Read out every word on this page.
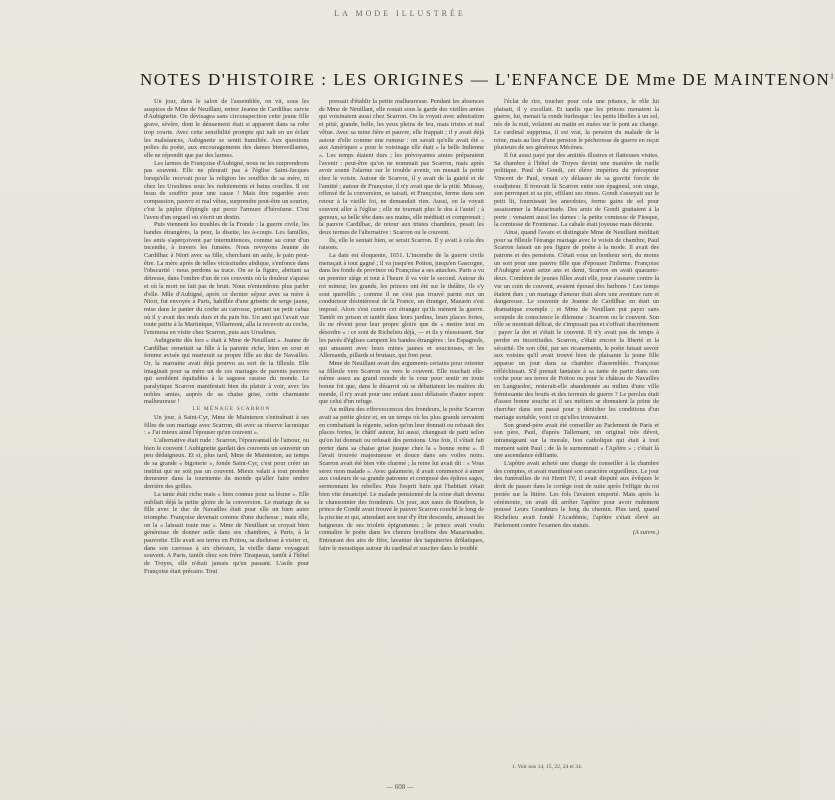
LA MODE ILLUSTRÉE
NOTES D'HISTOIRE : LES ORIGINES — L'ENFANCE DE Mme DE MAINTENON$^1$

Un jour, dans le salon de l'assemblée, on vit, sous les auspices de Mme de Neuillant, entrer Jeanne de Cardilhac suivie d'Aubignette. On dévisagea sans circonspection cette jeune fille grave, sévère, dont le dénuement était si apparent dans sa robe trop courte. Avec cette sensibilité prompte qui naît en un éclair les malséances, Aubignette se sentit humiliée. Aux questions polies du poète, aux encouragements des dames bienveillantes, elle ne répondit que par des larmes.

Les larmes de Françoise d'Aubigné, nous ne les surprendrons pas souvent. Elle ne pleurait pas à l'église Saint-Jacques lorsqu'elle recevait pour la religion les souffles de sa mère, ni chez les Ursulines sous les rudoiements et bains cruelles. Il est beau de souffrir pour une cause ! Mais être regardée avec compassion, pauvre et mal vêtue, surprendre peut-être un sourire, c'est la piqûre d'épingle qui perce l'armure d'héroïsme. C'est l'aveu d'un orgueil où s'écrit un destin.

Puis viennent les troubles de la Fronde : la guerre civile, les bandes étrangères, la peur, la disette, les à-coups. Les familles, les amis s'aperçoivent par intermittences, comme au cœur d'un incendie, à travers les fumées. Nous revoyons Jeanne de Cardilhac à Niort avec sa fille, cherchant un asile, le pain peut-être. La mère après de telles vicissitudes abdique, s'enfonce dans l'obscurité : nous perdons sa trace. On se la figure, abritant sa détresse, dans l'ombre d'un de ces couvents où la douleur s'apaise et où la mort ne fait pas de bruit. Nous n'entendrons plus parler d'elle. Mlle d'Aubigné, après ce dernier séjour avec sa mère à Niort, fut envoyée à Paris, habillée d'une grisette de serge jaune, mise dans le panier du coche au carrosse, portant un petit cabas où il y avait des œufs durs et du pain bis. Un ami qui l'avait vue toute petite à la Martinique, Villarmont, alla la recevoir au coche, l'emmena en visite chez Scarron, puis aux Ursulines.

Aubignette dès lors « était à Mme de Neuillant ». Jeanne de Cardilhac remettait sa fille à la parente riche, bien en cour et femme avisée qui marierait sa propre fille au duc de Navailles. Or, la marraine avait déjà pourvu au sort de la filleule. Elle imaginait pour sa mère un de ces mariages de parents pauvres qui semblent équitables à la sagesse rassise du monde. Le paralytique Scarron manifestait bien du plaisir à voir, avec les nobles amies, auprès de sa chaise grise, cette charmante malheureuse !

LE MÉNAGE SCARRON

Un jour, à Saint-Cyr, Mme de Maintenon s'entraînait à ses filles de son mariage avec Scarron, dit avec sa réserve laconique : « J'ai mieux aimé l'épouser qu'un couvent ».

L'alternative était rude : Scarron, l'épouvantail de l'amour, ou bien le couvent ! Aubignette gardait des couvents un souvenir un peu dédaigneux. Et si, plus tard, Mme de Maintenon, au temps de sa grande « bigoterie », fonde Saint-Cyr, c'est pour créer un institut qui ne soit pas un couvent. Mieux valait à tout prendre demeurer dans la tourmente du monde qu'aller faire ombre derrière des grilles.

La tante était riche mais « bien connue pour sa lésine ». Elle oubliait déjà la petite gloire de la conversion. Le mariage de sa fille avec le duc de Navailles était pour elle un bien autre triomphe. Françoise devenait comme d'une duchesse ; mais elle, on la « laissait toute nue ». Mme de Neuillant se croyait bien généreuse de donner asile dans ses chambres, à Paris, à la pauvrette. Elle avait ses terres en Poitou, sa duchesse à visiter et, dans son carrosse à six chevaux, la vieille dame voyageait souvent. A Paris, tantôt chez son frère Tiraqueau, tantôt à l'hôtel de Troyes, elle n'était jamais qu'en passant. L'asile pour Françoise était précaire. Tout

pressait d'établir la petite malheureuse. Pendant les absences de Mme de Neuillant, elle restait sous la garde des vieilles amies qui voisinaient aussi chez Scarron. On la voyait avec admiration et pitié, grande, belle, les yeux pleins de feu, mais tristes et mal vêtue. Avec sa mine fière et pauvre, elle frappait ; il y avait déjà autour d'elle comme une rumeur : on savait qu'elle avait été « aux Amériques » pour le voisinage elle était « la belle Indienne ». Les temps étaient durs ; les prévoyantes amies préparaient l'avenir : peut-être qu'on ne nommait pas Scarron, mais après avoir sonné l'alarme sur le trouble avenir, on menait la petite chez le voisin. Autour de Scarron, il y avait de la gaieté et de l'amitié ; autour de Françoise, il n'y avait que de la pitié. Mussay, offensé de la conversion, se taisait, et Françoise, ferme dans son retour à la vieille foi, ne demandait rien. Aussi, on la voyait souvent aller à l'église ; elle ne tournait plus le dos à l'autel ; à genoux, sa belle tête dans ses mains, elle méditait et comprenait ; la pauvre Cardilhac, de retour aux tristes chambres, pesait les deux termes de l'alternative : Scarron ou le couvent.

Ils, elle le sentait bien, se serait Scarron. Il y avait à cela des raisons.

La date est éloquente, 1651. L'incendie de la guerre civile menaçait à tout gagné ; il va jusqu'en Poitou, jusqu'en Gascogne, dans les fonds de province où Françoise a ses attaches. Paris a vu un premier siège et tout à l'heure il va voir le second. Autour du roi mineur, les grands, les princes ont été sur le théâtre, ils s'y sont querellés ; comme il ne s'est pas trouvé parmi eux un conducteur désintéressé de la France, un étranger, Mazarin s'est imposé. Alors s'est contre cet étranger qu'ils mènent la guerre. Tantôt en prison et tantôt dans leurs jardins, leurs places fortes, ils ne rêvent pour leur propre gloire que de « mettre tout en désordre » : ce sont de Richelieu déjà, — et ils y réussissent. Sur les pavés d'églises campent les bandes étrangères : les Espagnols, qui amusent avec leurs mines jaunes et soucieuses, et les Allemands, pillards et brutaux, qui font peur.

Mme de Neuillant avait des arguments certains pour orienter sa filleule vers Scarron ou vers le couvent. Elle touchait elle-même assez au grand monde de la cour pour sentir en toute bonne foi que, dans le désarroi où se débattaient les maîtres du monde, il n'y avait pour une enfant aussi délaissée d'autre espoir que celui d'un refuge.

Au milieu des effervescences des frondeurs, le poète Scarron avait sa petite gloire et, en un temps où les plus grands servaient en combattant la régente, selon qu'on leur donnait ou refusait des places fortes, le châtif auteur, lui aussi, changeait de parti selon qu'on lui donnait ou refusait des pensions. Une fois, il s'était fait porter dans sa chaise grise jusque chez la « bonne reine ». Il l'avait trouvée majestueuse et douce dans ses voiles noirs. Scarron avait été bien vite charmé ; la reine lui avait dit : « Vous serez mon malade ». Avec galanterie, il avait commencé à aimer aux couleurs de sa grande patronne et composé des épîtres sages, sermonnant les rebelles. Puis l'esprit lutin qui l'habitait s'était bien vite émancipé. Le malade pensionné de la reine était devenu le chansonnier des frondeurs. Un jour, aux eaux de Bourbon, le prince de Condé avait trouvé le pauvre Scarron couché le long de la piscine et qui, attendant son tour d'y être descendu, amusait les baigneurs de ses triolets épigrammes ; le prince avait voulu connaître le poète dans les chœurs bouffons des Mazarinades. Entourant des airs de fifre, lavantur des taquineries drôlatiques, faire le moustique autour du cardinal et susciter dans le troublé

l'éclat de rire, toucher pour cela une pitance, le rôle lui plaisait, il y excellait. Et tandis que les princes menaient la guerre, lui, menait la ronde burlesque : les petits libelles à un sol, nés de la nuit, volaient au matin en nuées sur le pont au change. Le cardinal supprima, il est vrai, la pension du malade de la reine, mais au lieu d'une pension le pécheresse de guerre en reçut plusieurs de ses généreux Mécènes.

Il fut aussi payé par des amitiés illustres et flatteuses visites. Sa chambre à l'hôtel de Troyes devint une manière de ruelle politique. Paul de Gondi, cet élève impérieu du précepteur Vincent de Paul, venait s'y délasser de sa gravité forcée de coadjuteur. Il trouvait là Scarron entre son épagneul, son singe, son perroquet et sa pie, effilant ses rimes. Gondi s'asseyait sur le petit lit, fournissait les anecdotes, ferme gains de sel pour assaisonner la Mazarinade. Des amis de Gondi grattaient à la porte : venaient aussi les dames : la petite comtesse de Fiesque, la comtesse de Frontenac. La cabale était joyeuse mais décente.

Ainsi, quand l'avare et distinguée Mme de Neuillant méditait pour sa filleule l'étrange mariage avec le voisin de chambre, Paul Scarron faisait un peu figure de poète à la mode. Il avait des patrons et des pensions. C'était vous un bonheur sort, du moins un sort pour une pauvre fille que d'épouser l'infirme. Françoise d'Aubigné avait seize ans et demi, Scarron en avait quarante-deux. Combien de jeunes filles avait elle, pour s'assurer contre la vie un coin de couvent, avaient épousé des barbons ! Les temps étaient durs ; un mariage d'amour était alors une aventure rare et dangereuse. Le souvenir de Jeanne de Cardilhac en était un dramatique exemple ; et Mme de Neuillant put payer sans scrupule de conscience le dilemme : Scarron ou le couvent. Son rôle se montrait délicat, de s'imposait pas et s'offrait discrètement : payer la dot et s'était le couvent. Il n'y avait pas de temps à perdre en incertitudes. Scarron, c'était encore la liberté et la sécurité. De son côté, par ses ricanements, le poète faisait savoir aux voisins qu'il avait trouvé bien de plaisante la jeune fille apparue un jour dans sa chambre d'assemblée. Françoise réfléchissait. S'il prenait fantaisie à sa tante de partir dans son coche pour ses terres de Poitou ou pour le château de Navailles en Languedoc, resterait-elle abandonnée au milieu d'une ville frémissante des bruits et des terreurs de guerre ? Le perclus était d'assez bonne souche et il ses métiers se donnaient la peine de chercher dans son passé pour y dénicher les conditions d'un mariage sortable, voici ce qu'elles trouvaient.

Son grand-père avait été conseiller au Parlement de Paris et son père, Paul, d'après Tallemant, un original très dévot, intransigeant sur la morale, bon catholique qui était à tout moment saint Paul ; de là le surnomnait « l'Apôtre » ; c'était là une ascendance édifiante.

L'apôtre avait acheté une charge de conseiller à la chambre des comptes, et avait manifesté son caractère orgueilleux. Le jour des funérailles de roi Henri IV, il avait disputé aux évêques le droit de passer dans le cortège tout de suite après l'effigie du roi portée sur la litière. Les fols l'avaient emporté. Mais après la cérémonie, on avait dû arrêter l'apôtre pour avoir rudement poussé Leurs Grandeurs le long du chemin. Plus tard, quand Richelieu avait fondé l'Académie, l'apôtre s'était élevé au Parlement contre l'examen des statuts.

(A suivre.)

1. Voir nos 14, 15, 22, 24 et 34.
— 608 —
